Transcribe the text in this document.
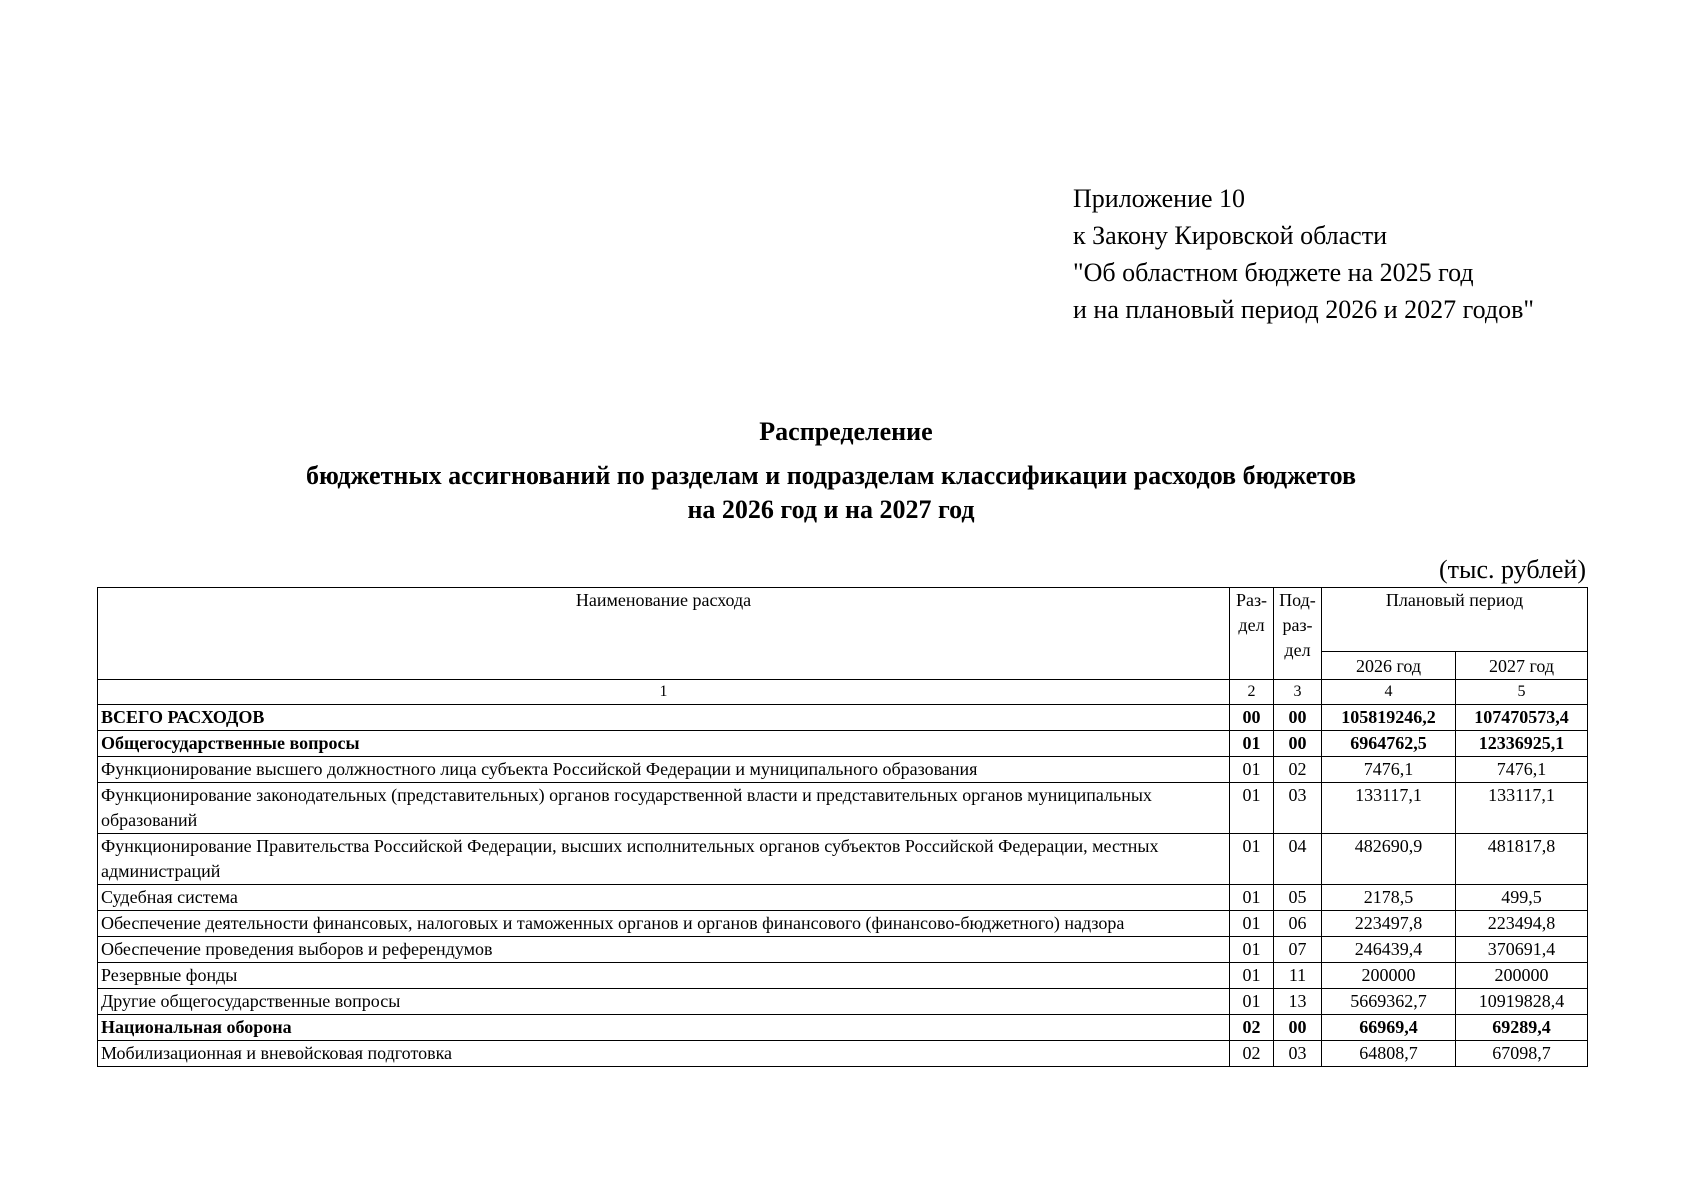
Приложение 10
к Закону Кировской области
"Об областном бюджете на 2025 год
и на плановый период 2026 и 2027 годов"
Распределение
бюджетных ассигнований по разделам и подразделам классификации расходов бюджетов
на 2026 год и на 2027 год
(тыс. рублей)
Наименование расхода	Раз-дел	Под-раз-дел	Плановый период	
			2026 год	2027 год
1	2	3	4	5
ВСЕГО РАСХОДОВ	00	00	105819246,2	107470573,4
Общегосударственные вопросы	01	00	6964762,5	12336925,1
Функционирование высшего должностного лица субъекта Российской Федерации и муниципального образования	01	02	7476,1	7476,1
Функционирование законодательных (представительных) органов государственной власти и представительных органов муниципальных образований	01	03	133117,1	133117,1
Функционирование Правительства Российской Федерации, высших исполнительных органов субъектов Российской Федерации, местных администраций	01	04	482690,9	481817,8
Судебная система	01	05	2178,5	499,5
Обеспечение деятельности финансовых, налоговых и таможенных органов и органов финансового (финансово-бюджетного) надзора	01	06	223497,8	223494,8
Обеспечение проведения выборов и референдумов	01	07	246439,4	370691,4
Резервные фонды	01	11	200000	200000
Другие общегосударственные вопросы	01	13	5669362,7	10919828,4
Национальная оборона	02	00	66969,4	69289,4
Мобилизационная и вневойсковая подготовка	02	03	64808,7	67098,7
